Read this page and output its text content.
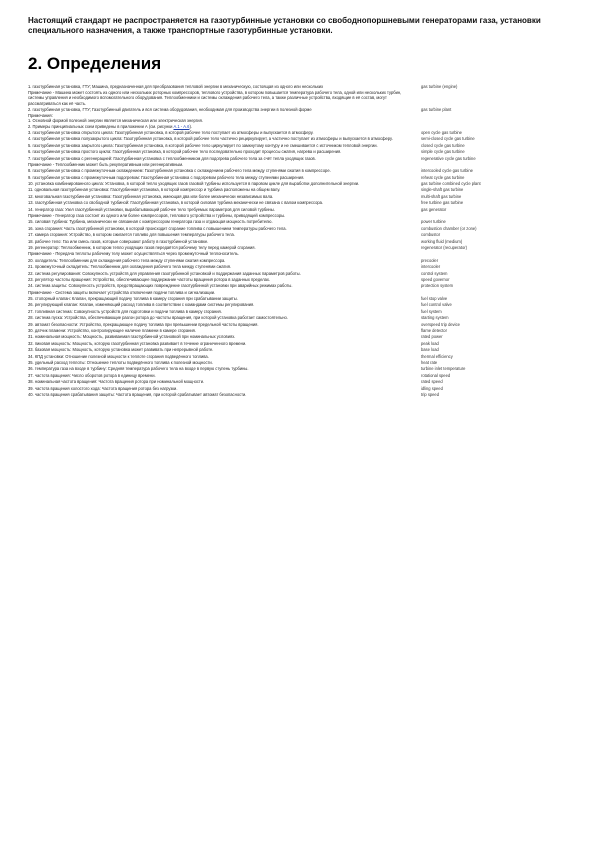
Настоящий стандарт не распространяется на газотурбинные установки со свободнопоршневыми генераторами газа, установки специального назначения, а также транспортные газотурбинные установки.
2. Определения
1. газотурбинная установка, ГТУ; Машина, предназначенная для преобразования тепловой энергии в механическую, состоящая из одного или нескольких	gas turbine (engine)
Примечание - Машина может состоять из одного или нескольких роторных компрессоров, теплового устройства, в котором повышается температура рабочего тела, одной или нескольких турбин, системы управления и необходимого вспомогательного оборудования. Теплообменники и системы охлаждения рабочего тела, а также различные устройства, входящие в её состав, могут рассматриваться как её часть.
2. газотурбинная установка, ГТУ; Газотурбинный двигатель и вся система оборудования, необходимая для производства энергии в полезной форме	gas turbine plant
Примечания:
1. Основной формой полезной энергии является механическая или электрическая энергия.
2. Примеры принципиальных схем приведены в приложении А (см. рисунки А.1 - А.6).
3. газотурбинная установка открытого цикла: Газотурбинная установка, в которой рабочее тело поступает из атмосферы и выпускается в атмосферу.	open cycle gas turbine
4. газотурбинная установка полузакрытого цикла: Газотурбинная установка, в которой рабочее тело частично рециркулирует, а частично поступает из атмосферы и выпускается в атмосферу.	semi-closed cycle gas turbine
5. газотурбинная установка закрытого цикла: Газотурбинная установка, в которой рабочее тело циркулирует по замкнутому контуру и не смешивается с источником тепловой энергии.	closed cycle gas turbine
6. газотурбинная установка простого цикла: Газотурбинная установка, в которой рабочее тело последовательно проходит процессы сжатия, нагрева и расширения.	simple cycle gas turbine
7. газотурбинная установка с регенерацией: Газотурбинная установка с теплообменником для подогрева рабочего тела за счёт тепла уходящих газов.	regenerative cycle gas turbine
Примечание - Теплообменник может быть рекуперативным или регенеративным.
8. газотурбинная установка с промежуточным охлаждением: Газотурбинная установка с охлаждением рабочего тела между ступенями сжатия в компрессоре.	intercooled cycle gas turbine
9. газотурбинная установка с промежуточным подогревом: Газотурбинная установка с подогревом рабочего тела между ступенями расширения.	reheat cycle gas turbine
10. установка комбинированного цикла: Установка, в которой тепло уходящих газов газовой турбины используется в паровом цикле для выработки дополнительной энергии.	gas turbine combined cycle plant
11. одновальная газотурбинная установка: Газотурбинная установка, в которой компрессор и турбина расположены на общем валу.	single-shaft gas turbine
12. многовальная газотурбинная установка: Газотурбинная установка, имеющая два или более механически независимых вала.	multi-shaft gas turbine
13. газотурбинная установка со свободной турбиной: Газотурбинная установка, в которой силовая турбина механически не связана с валом компрессора.	free turbine gas turbine
14. генератор газа: Узел газотурбинной установки, вырабатывающий рабочее тело требуемых параметров для силовой турбины.	gas generator
Примечание - Генератор газа состоит из одного или более компрессоров, теплового устройства и турбины, приводящей компрессоры.
15. силовая турбина: Турбина, механически не связанная с компрессором генератора газа и отдающая мощность потребителю.	power turbine
16. зона сгорания: Часть газотурбинной установки, в которой происходит сгорание топлива с повышением температуры рабочего тела.	combustion chamber (or zone)
17. камера сгорания: Устройство, в котором сжигается топливо для повышения температуры рабочего тела.	combustor
18. рабочее тело: Газ или смесь газов, которые совершают работу в газотурбинной установке.	working fluid (medium)
19. регенератор: Теплообменник, в котором тепло уходящих газов передаётся рабочему телу перед камерой сгорания.	regenerator (recuperator)
Примечание - Передача теплоты рабочему телу может осуществляться через промежуточный теплоноситель.
20. охладитель: Теплообменник для охлаждения рабочего тела между ступенями сжатия компрессора.	precooler
21. промежуточный охладитель: Теплообменник для охлаждения рабочего тела между ступенями сжатия.	intercooler
22. система регулирования: Совокупность устройств для управления газотурбинной установкой и поддержания заданных параметров работы.	control system
23. регулятор частоты вращения: Устройство, обеспечивающее поддержание частоты вращения ротора в заданных пределах.	speed governor
24. система защиты: Совокупность устройств, предотвращающих повреждение газотурбинной установки при аварийных режимах работы.	protection system
Примечание - Система защиты включает устройства отключения подачи топлива и сигнализации.
25. стопорный клапан: Клапан, прекращающий подачу топлива в камеру сгорания при срабатывании защиты.	fuel stop valve
26. регулирующий клапан: Клапан, изменяющий расход топлива в соответствии с командами системы регулирования.	fuel control valve
27. топливная система: Совокупность устройств для подготовки и подачи топлива в камеру сгорания.	fuel system
28. система пуска: Устройства, обеспечивающие разгон ротора до частоты вращения, при которой установка работает самостоятельно.	starting system
29. автомат безопасности: Устройство, прекращающее подачу топлива при превышении предельной частоты вращения.	overspeed trip device
30. датчик пламени: Устройство, контролирующее наличие пламени в камере сгорания.	flame detector
31. номинальная мощность: Мощность, развиваемая газотурбинной установкой при номинальных условиях.	rated power
32. пиковая мощность: Мощность, которую газотурбинная установка развивает в течение ограниченного времени.	peak load
33. базовая мощность: Мощность, которую установка может развивать при непрерывной работе.	base load
34. КПД установки: Отношение полезной мощности к теплоте сгорания подведённого топлива.	thermal efficiency
35. удельный расход теплоты: Отношение теплоты подведённого топлива к полезной мощности.	heat rate
36. температура газа на входе в турбину: Средняя температура рабочего тела на входе в первую ступень турбины.	turbine inlet temperature
37. частота вращения: Число оборотов ротора в единицу времени.	rotational speed
38. номинальная частота вращения: Частота вращения ротора при номинальной мощности.	rated speed
39. частота вращения холостого хода: Частота вращения ротора без нагрузки.	idling speed
40. частота вращения срабатывания защиты: Частота вращения, при которой срабатывает автомат безопасности.	trip speed
